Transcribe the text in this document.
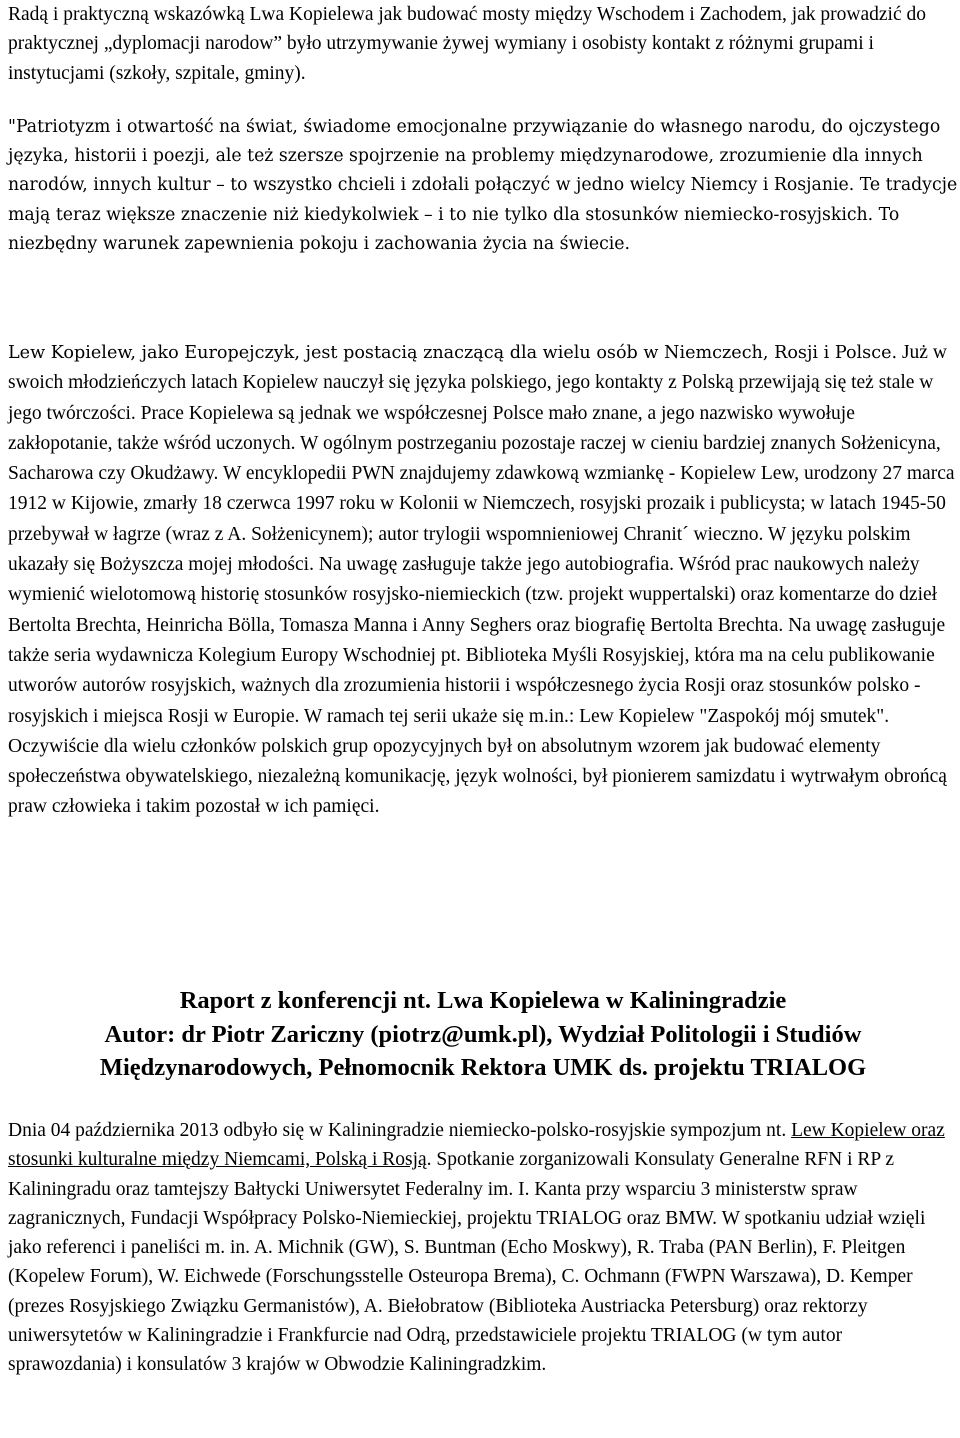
Radą i praktyczną wskazówką Lwa Kopielewa jak budować mosty między Wschodem i Zachodem, jak prowadzić do praktycznej „dyplomacji narodow” było utrzymywanie żywej wymiany i osobisty kontakt z różnymi grupami i instytucjami (szkoły, szpitale, gminy).

"Patriotyzm i otwartość na świat, świadome emocjonalne przywiązanie do własnego narodu, do ojczystego języka, historii i poezji, ale też szersze spojrzenie na problemy międzynarodowe, zrozumienie dla innych narodów, innych kultur – to wszystko chcieli i zdołali połączyć w jedno wielcy Niemcy i Rosjanie. Te tradycje mają teraz większe znaczenie niż kiedykolwiek – i to nie tylko dla stosunków niemiecko-rosyjskich. To niezbędny warunek zapewnienia pokoju i zachowania życia na świecie.

Lew Kopielew, jako Europejczyk, jest postacią znaczącą dla wielu osób w Niemczech, Rosji i Polsce. Już w swoich młodzieńczych latach Kopielew nauczył się języka polskiego, jego kontakty z Polską przewijają się też stale w jego twórczości. Prace Kopielewa są jednak we współczesnej Polsce mało znane, a jego nazwisko wywołuje zakłopotanie, także wśród uczonych. W ogólnym postrzeganiu pozostaje raczej w cieniu bardziej znanych Sołżenicyna, Sacharowa czy Okudżawy. W encyklopedii PWN znajdujemy zdawkową wzmiankę - Kopielew Lew, urodzony 27 marca 1912 w Kijowie, zmarły 18 czerwca 1997 roku w Kolonii w Niemczech, rosyjski prozaik i publicysta; w latach 1945-50 przebywał w łagrze (wraz z A. Sołżenicynem); autor trylogii wspomnieniowej Chranit´ wieczno. W języku polskim ukazały się Bożyszcza mojej młodości. Na uwagę zasługuje także jego autobiografia. Wśród prac naukowych należy wymienić wielotomową historię stosunków rosyjsko-niemieckich (tzw. projekt wuppertalski) oraz komentarze do dzieł Bertolta Brechta, Heinricha Bölla, Tomasza Manna i Anny Seghers oraz biografię Bertolta Brechta. Na uwagę zasługuje także seria wydawnicza Kolegium Europy Wschodniej pt. Biblioteka Myśli Rosyjskiej, która ma na celu publikowanie utworów autorów rosyjskich, ważnych dla zrozumienia historii i współczesnego życia Rosji oraz stosunków polsko - rosyjskich i miejsca Rosji w Europie. W ramach tej serii ukaże się m.in.: Lew Kopielew "Zaspokój mój smutek". Oczywiście dla wielu członków polskich grup opozycyjnych był on absolutnym wzorem jak budować elementy społeczeństwa obywatelskiego, niezależną komunikację, język wolności, był pionierem samizdatu i wytrwałym obrońcą praw człowieka i takim pozostał w ich pamięci.

Raport z konferencji nt. Lwa Kopielewa w Kaliningradzie
Autor: dr Piotr Zariczny (piotrz@umk.pl), Wydział Politologii i Studiów Międzynarodowych, Pełnomocnik Rektora UMK ds. projektu TRIALOG

Dnia 04 października 2013 odbyło się w Kaliningradzie niemiecko-polsko-rosyjskie sympozjum nt. Lew Kopielew oraz stosunki kulturalne między Niemcami, Polską i Rosją. Spotkanie zorganizowali Konsulaty Generalne RFN i RP z Kaliningradu oraz tamtejszy Bałtycki Uniwersytet Federalny im. I. Kanta przy wsparciu 3 ministerstw spraw zagranicznych, Fundacji Współpracy Polsko-Niemieckiej, projektu TRIALOG oraz BMW. W spotkaniu udział wzięli jako referenci i paneliści m. in. A. Michnik (GW), S. Buntman (Echo Moskwy), R. Traba (PAN Berlin), F. Pleitgen (Kopelew Forum), W. Eichwede (Forschungsstelle Osteuropa Brema), C. Ochmann (FWPN Warszawa), D. Kemper (prezes Rosyjskiego Związku Germanistów), A. Biełobratow (Biblioteka Austriacka Petersburg) oraz rektorzy uniwersytetów w Kaliningradzie i Frankfurcie nad Odrą, przedstawiciele projektu TRIALOG (w tym autor sprawozdania) i konsulatów 3 krajów w Obwodzie Kaliningradzkim.
